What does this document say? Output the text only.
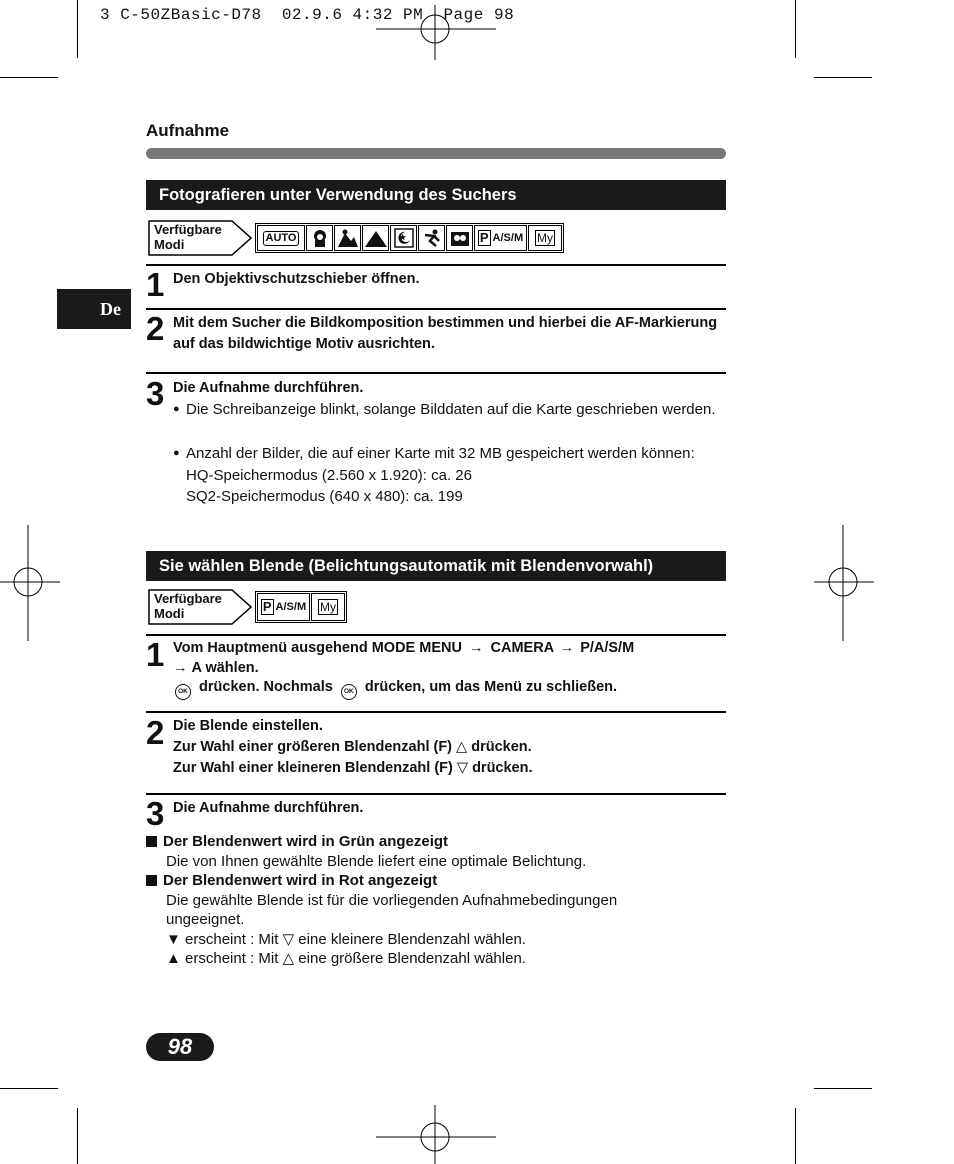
3 C-50ZBasic-D78  02.9.6 4:32 PM  Page 98
Aufnahme
De
Fotografieren unter Verwendung des Suchers
Verfügbare
Modi	AUTO	★	P A/S/M My
1 Den Objektivschutzschieber öffnen.
2 Mit dem Sucher die Bildkomposition bestimmen und hierbei die AF-Markierung auf das bildwichtige Motiv ausrichten.
3 Die Aufnahme durchführen.
● Die Schreibanzeige blinkt, solange Bilddaten auf die Karte geschrieben werden.
● Anzahl der Bilder, die auf einer Karte mit 32 MB gespeichert werden können:
HQ-Speichermodus (2.560 x 1.920): ca. 26
SQ2-Speichermodus (640 x 480): ca. 199
Sie wählen Blende (Belichtungsautomatik mit Blendenvorwahl)
Verfügbare
Modi	P A/S/M My
1 Vom Hauptmenü ausgehend MODE MENU → CAMERA → P/A/S/M
→ A wählen.
OK drücken. Nochmals OK drücken, um das Menü zu schließen.
2 Die Blende einstellen.
Zur Wahl einer größeren Blendenzahl (F) △ drücken.
Zur Wahl einer kleineren Blendenzahl (F) ▽ drücken.
3 Die Aufnahme durchführen.
Der Blendenwert wird in Grün angezeigt
Die von Ihnen gewählte Blende liefert eine optimale Belichtung.
Der Blendenwert wird in Rot angezeigt
Die gewählte Blende ist für die vorliegenden Aufnahmebedingungen ungeeignet.
▼ erscheint : Mit ▽ eine kleinere Blendenzahl wählen.
▲ erscheint : Mit △ eine größere Blendenzahl wählen.
98
